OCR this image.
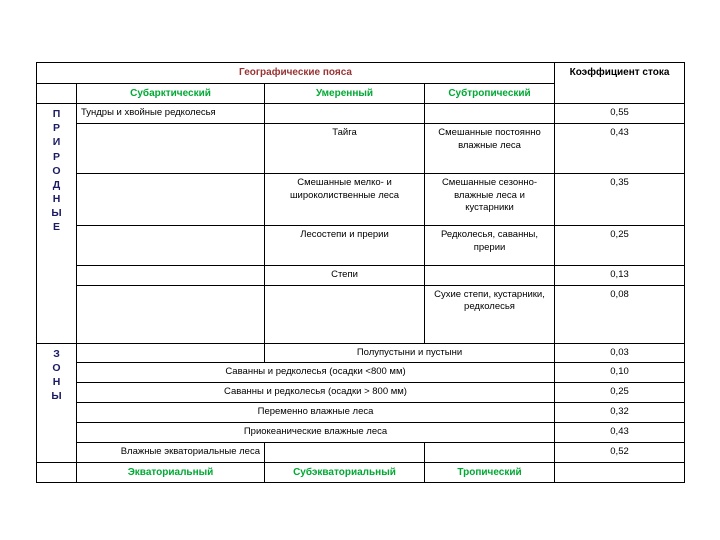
Географические пояса				Коэффициент стока
	Субарктический	Умеренный	Субтропический	

П
Р
И
Р
О
Д
Н
Ы
Е
	Тундры и хвойные редколесья			0,55
		Тайга	Смешанные постоянно влажные леса	0,43
		Смешанные мелко- и широколиственные леса	Смешанные сезонно-влажные леса и кустарники	0,35
		Лесостепи и прерии	Редколесья, саванны, прерии	0,25
		Степи		0,13
			Сухие степи, кустарники, редколесья	0,08

З
О
Н
Ы		Полупустыни и пустыни		0,03
	Саванны и редколесья (осадки <800 мм)			0,10
	Саванны и редколесья (осадки > 800 мм)			0,25
	Переменно влажные леса			0,32
	Приокеанические влажные леса			0,43
	Влажные экваториальные леса			0,52
	Экваториальный	Субэкваториальный	Тропический	
